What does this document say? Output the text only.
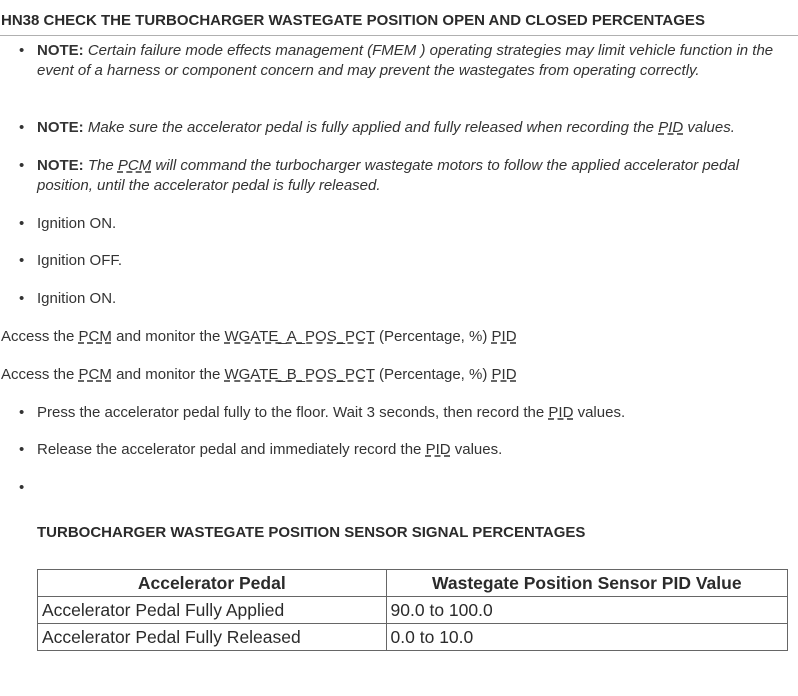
HN38 CHECK THE TURBOCHARGER WASTEGATE POSITION OPEN AND CLOSED PERCENTAGES
• NOTE: Certain failure mode effects management (FMEM ) operating strategies may limit vehicle function in the event of a harness or component concern and may prevent the wastegates from operating correctly.
• NOTE: Make sure the accelerator pedal is fully applied and fully released when recording the PID values.
• NOTE: The PCM will command the turbocharger wastegate motors to follow the applied accelerator pedal position, until the accelerator pedal is fully released.
• Ignition ON.
• Ignition OFF.
• Ignition ON.
Access the PCM and monitor the WGATE_A_POS_PCT (Percentage, %) PID
Access the PCM and monitor the WGATE_B_POS_PCT (Percentage, %) PID
• Press the accelerator pedal fully to the floor. Wait 3 seconds, then record the PID values.
• Release the accelerator pedal and immediately record the PID values.
TURBOCHARGER WASTEGATE POSITION SENSOR SIGNAL PERCENTAGES
Accelerator Pedal	Wastegate Position Sensor PID Value
Accelerator Pedal Fully Applied	90.0 to 100.0
Accelerator Pedal Fully Released	0.0 to 10.0
